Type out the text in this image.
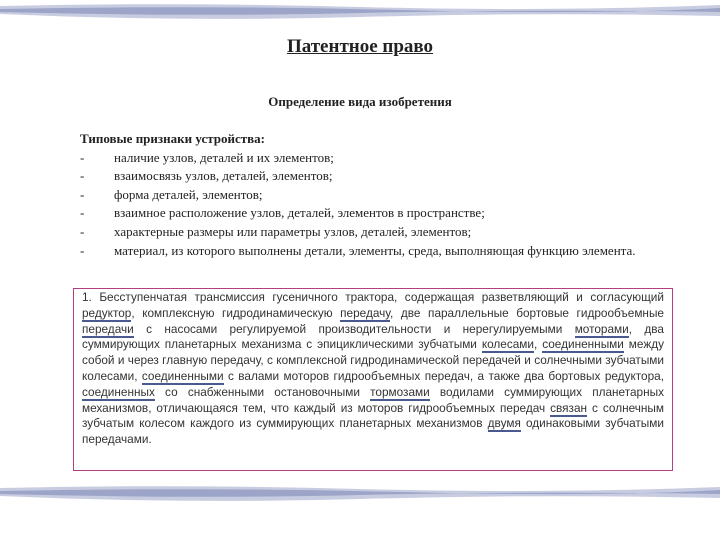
Патентное право
Определение вида изобретения
Типовые признаки устройства:
- наличие узлов, деталей и их элементов;
- взаимосвязь узлов, деталей, элементов;
- форма деталей, элементов;
- взаимное расположение узлов, деталей, элементов в пространстве;
- характерные размеры или параметры узлов, деталей, элементов;
- материал, из которого выполнены детали, элементы, среда, выполняющая функцию элемента.
1. Бесступенчатая трансмиссия гусеничного трактора, содержащая разветвляющий и согласующий редуктор, комплексную гидродинамическую передачу, две параллельные бортовые гидрообъемные передачи с насосами регулируемой производительности и нерегулируемыми моторами, два суммирующих планетарных механизма с эпициклическими зубчатыми колесами, соединенными между собой и через главную передачу, с комплексной гидродинамической передачей и солнечными зубчатыми колесами, соединенными с валами моторов гидрообъемных передач, а также два бортовых редуктора, соединенных со снабженными остановочными тормозами водилами суммирующих планетарных механизмов, отличающаяся тем, что каждый из моторов гидрообъемных передач связан с солнечным зубчатым колесом каждого из суммирующих планетарных механизмов двумя одинаковыми зубчатыми передачами.
